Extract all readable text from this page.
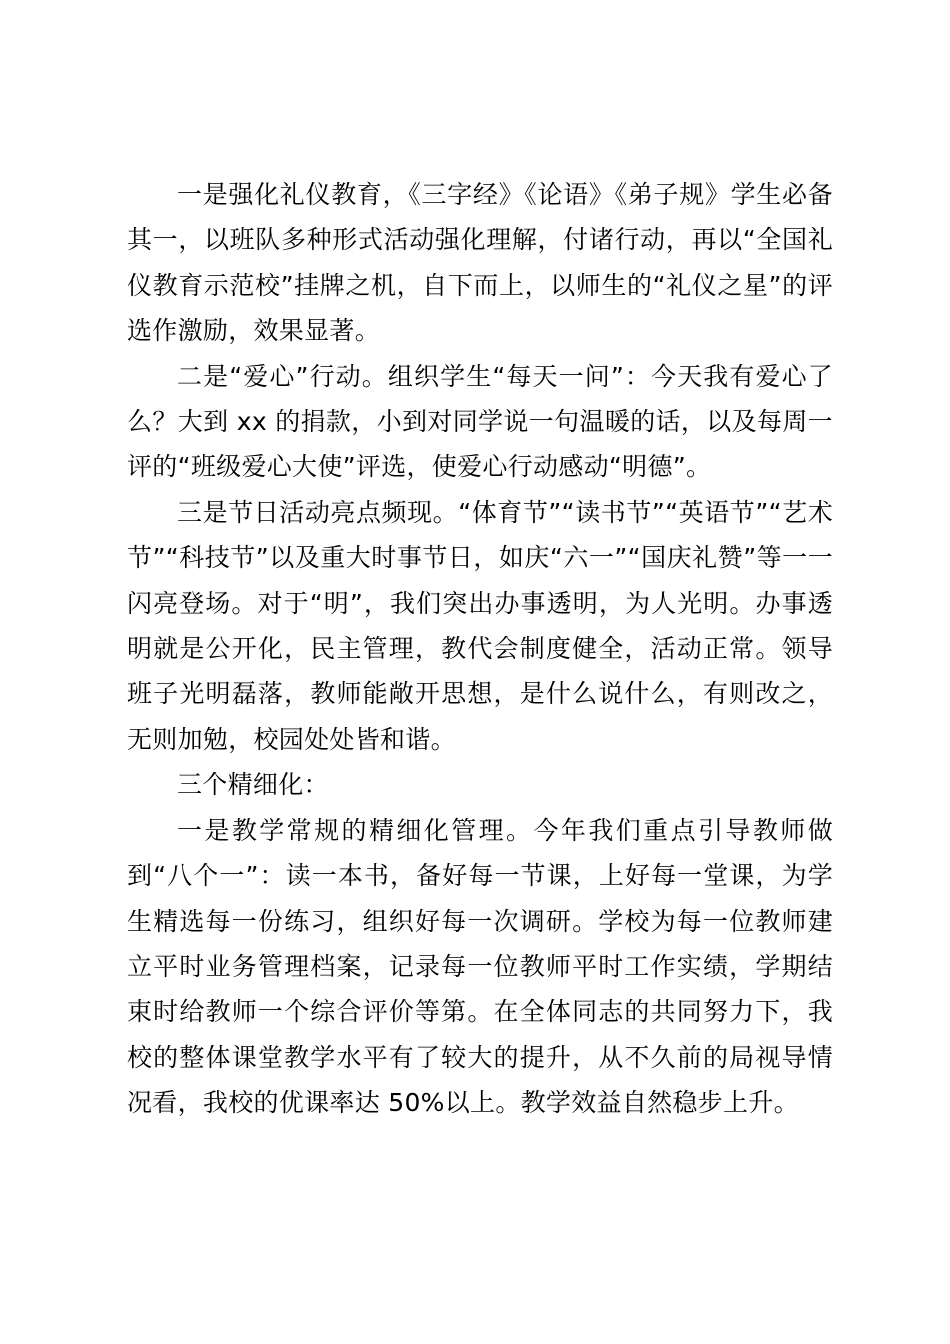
一是强化礼仪教育，《三字经》《论语》《弟子规》学生必备其一，以班队多种形式活动强化理解，付诸行动，再以“全国礼仪教育示范校”挂牌之机，自下而上，以师生的“礼仪之星”的评选作激励，效果显著。

二是“爱心”行动。组织学生“每天一问”：今天我有爱心了么？大到 xx 的捐款，小到对同学说一句温暖的话，以及每周一评的“班级爱心大使”评选，使爱心行动感动“明德”。

三是节日活动亮点频现。“体育节”“读书节”“英语节”“艺术节”“科技节”以及重大时事节日，如庆“六一”“国庆礼赞”等一一闪亮登场。对于“明”，我们突出办事透明，为人光明。办事透明就是公开化，民主管理，教代会制度健全，活动正常。领导班子光明磊落，教师能敞开思想，是什么说什么，有则改之，无则加勉，校园处处皆和谐。

三个精细化：

一是教学常规的精细化管理。今年我们重点引导教师做到“八个一”：读一本书，备好每一节课，上好每一堂课，为学生精选每一份练习，组织好每一次调研。学校为每一位教师建立平时业务管理档案，记录每一位教师平时工作实绩，学期结束时给教师一个综合评价等第。在全体同志的共同努力下，我校的整体课堂教学水平有了较大的提升，从不久前的局视导情况看，我校的优课率达 50%以上。教学效益自然稳步上升。
